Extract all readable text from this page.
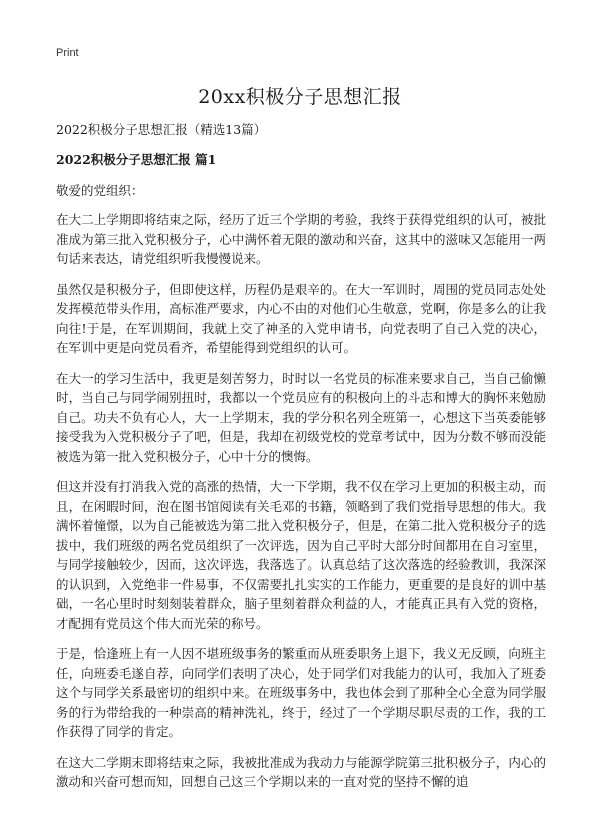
Print
20xx积极分子思想汇报
2022积极分子思想汇报（精选13篇）
2022积极分子思想汇报 篇1
敬爱的党组织：

在大二上学期即将结束之际，经历了近三个学期的考验，我终于获得党组织的认可，被批准成为第三批入党积极分子，心中满怀着无限的激动和兴奋，这其中的滋味又怎能用一两句话来表达，请党组织听我慢慢说来。

虽然仅是积极分子，但即使这样，历程仍是艰辛的。在大一军训时，周围的党员同志处处发挥模范带头作用，高标准严要求，内心不由的对他们心生敬意，党啊，你是多么的让我向往!于是，在军训期间，我就上交了神圣的入党申请书，向党表明了自己入党的决心，在军训中更是向党员看齐，希望能得到党组织的认可。

在大一的学习生活中，我更是刻苦努力，时时以一名党员的标准来要求自己，当自己偷懒时，当自己与同学闹别扭时，我都以一个党员应有的积极向上的斗志和博大的胸怀来勉励自己。功夫不负有心人，大一上学期末，我的学分积名列全班第一，心想这下当英委能够接受我为入党积极分子了吧，但是，我却在初级党校的党章考试中，因为分数不够而没能被选为第一批入党积极分子，心中十分的懊悔。

但这并没有打消我入党的高涨的热情，大一下学期，我不仅在学习上更加的积极主动，而且，在闲暇时间，泡在图书馆阅读有关毛邓的书籍，领略到了我们党指导思想的伟大。我满怀着憧憬，以为自己能被选为第二批入党积极分子，但是，在第二批入党积极分子的选拔中，我们班级的两名党员组织了一次评选，因为自己平时大部分时间都用在自习室里，与同学接触较少，因而，这次评选，我落选了。认真总结了这次落选的经验教训，我深深的认识到，入党绝非一件易事，不仅需要扎扎实实的工作能力，更重要的是良好的训中基础，一名心里时时刻刻装着群众，脑子里刻着群众利益的人，才能真正具有入党的资格，才配拥有党员这个伟大而光荣的称号。

于是，恰逢班上有一人因不堪班级事务的繁重而从班委职务上退下，我义无反顾，向班主任，向班委毛遂自荐，向同学们表明了决心，处于同学们对我能力的认可，我加入了班委这个与同学关系最密切的组织中来。在班级事务中，我也体会到了那种全心全意为同学服务的行为带给我的一种崇高的精神洗礼，终于，经过了一个学期尽职尽责的工作，我的工作获得了同学的肯定。

在这大二学期末即将结束之际，我被批准成为我动力与能源学院第三批积极分子，内心的激动和兴奋可想而知，回想自己这三个学期以来的一直对党的坚持不懈的追
